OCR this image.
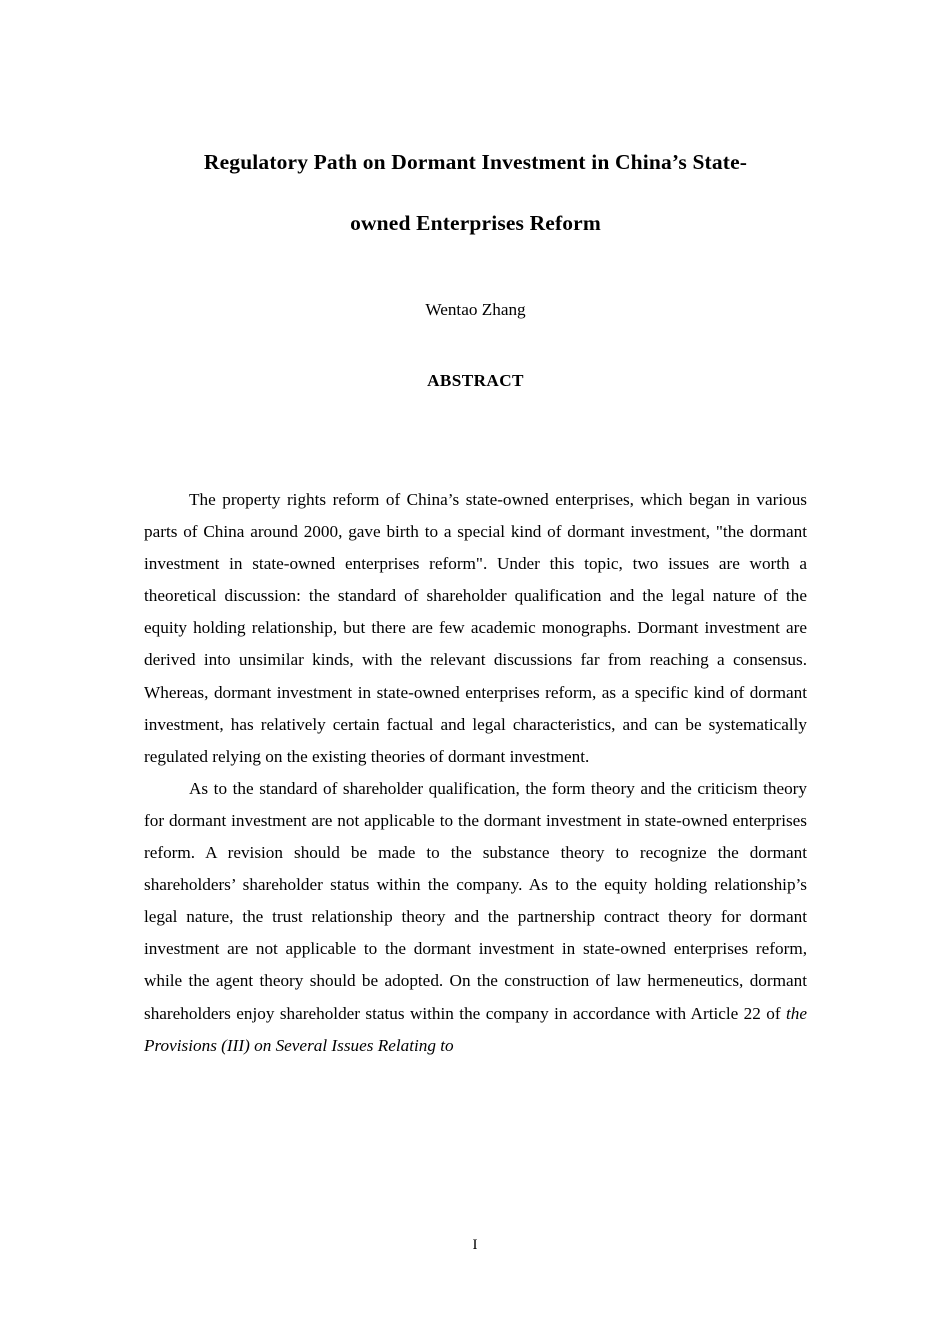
Regulatory Path on Dormant Investment in China’s State-
owned Enterprises Reform

Wentao Zhang

ABSTRACT

The property rights reform of China’s state-owned enterprises, which began in various parts of China around 2000, gave birth to a special kind of dormant investment, "the dormant investment in state-owned enterprises reform". Under this topic, two issues are worth a theoretical discussion: the standard of shareholder qualification and the legal nature of the equity holding relationship, but there are few academic monographs. Dormant investment are derived into unsimilar kinds, with the relevant discussions far from reaching a consensus. Whereas, dormant investment in state-owned enterprises reform, as a specific kind of dormant investment, has relatively certain factual and legal characteristics, and can be systematically regulated relying on the existing theories of dormant investment.

As to the standard of shareholder qualification, the form theory and the criticism theory for dormant investment are not applicable to the dormant investment in state-owned enterprises reform. A revision should be made to the substance theory to recognize the dormant shareholders’ shareholder status within the company. As to the equity holding relationship’s legal nature, the trust relationship theory and the partnership contract theory for dormant investment are not applicable to the dormant investment in state-owned enterprises reform, while the agent theory should be adopted. On the construction of law hermeneutics, dormant shareholders enjoy shareholder status within the company in accordance with Article 22 of the Provisions (III) on Several Issues Relating to

I
